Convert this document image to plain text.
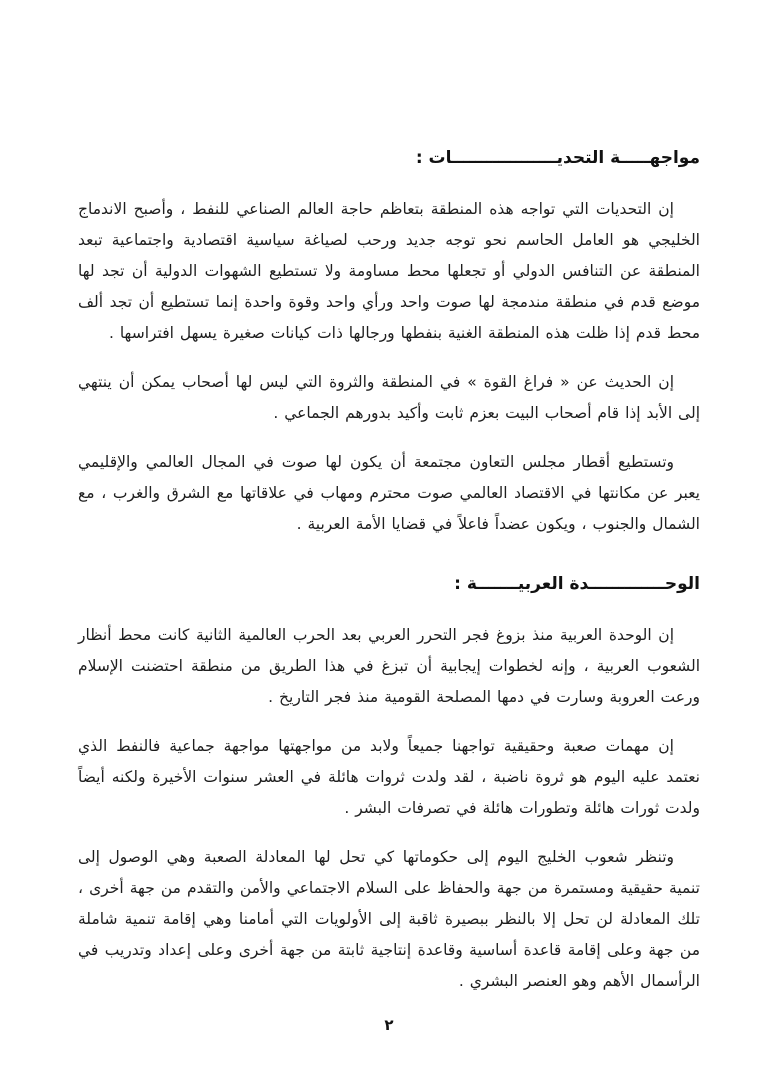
مواجهـــــة التحديــــــــــــــــــات :

إن التحديات التي تواجه هذه المنطقة بتعاظم حاجة العالم الصناعي للنفط ، وأصبح الاندماج الخليجي هو العامل الحاسم نحو توجه جديد ورحب لصياغة سياسية اقتصادية واجتماعية تبعد المنطقة عن التنافس الدولي أو تجعلها محط مساومة ولا تستطيع الشهوات الدولية أن تجد لها موضع قدم في منطقة مندمجة لها صوت واحد ورأي واحد وقوة واحدة إنما تستطيع أن تجد ألف محط قدم إذا ظلت هذه المنطقة الغنية بنفطها ورجالها ذات كيانات صغيرة يسهل افتراسها .

إن الحديث عن « فراغ القوة » في المنطقة والثروة التي ليس لها أصحاب يمكن أن ينتهي إلى الأبد إذا قام أصحاب البيت بعزم ثابت وأكيد بدورهم الجماعي .

وتستطيع أقطار مجلس التعاون مجتمعة أن يكون لها صوت في المجال العالمي والإقليمي يعبر عن مكانتها في الاقتصاد العالمي صوت محترم ومهاب في علاقاتها مع الشرق والغرب ، مع الشمال والجنوب ، ويكون عضداً فاعلاً في قضايا الأمة العربية .

الوحـــــــــــــدة العربيـــــــة :

إن الوحدة العربية منذ بزوغ فجر التحرر العربي بعد الحرب العالمية الثانية كانت محط أنظار الشعوب العربية ، وإنه لخطوات إيجابية أن تبزغ في هذا الطريق من منطقة احتضنت الإسلام ورعت العروبة وسارت في دمها المصلحة القومية منذ فجر التاريخ .

إن مهمات صعبة وحقيقية تواجهنا جميعاً ولابد من مواجهتها مواجهة جماعية فالنفط الذي نعتمد عليه اليوم هو ثروة ناضبة ، لقد ولدت ثروات هائلة في العشر سنوات الأخيرة ولكنه أيضاً ولدت ثورات هائلة وتطورات هائلة في تصرفات البشر .

وتنظر شعوب الخليج اليوم إلى حكوماتها كي تحل لها المعادلة الصعبة وهي الوصول إلى تنمية حقيقية ومستمرة من جهة والحفاظ على السلام الاجتماعي والأمن والتقدم من جهة أخرى ، تلك المعادلة لن تحل إلا بالنظر ببصيرة ثاقبة إلى الأولويات التي أمامنا وهي إقامة تنمية شاملة من جهة وعلى إقامة قاعدة أساسية وقاعدة إنتاجية ثابتة من جهة أخرى وعلى إعداد وتدريب في الرأسمال الأهم وهو العنصر البشري .

٢
